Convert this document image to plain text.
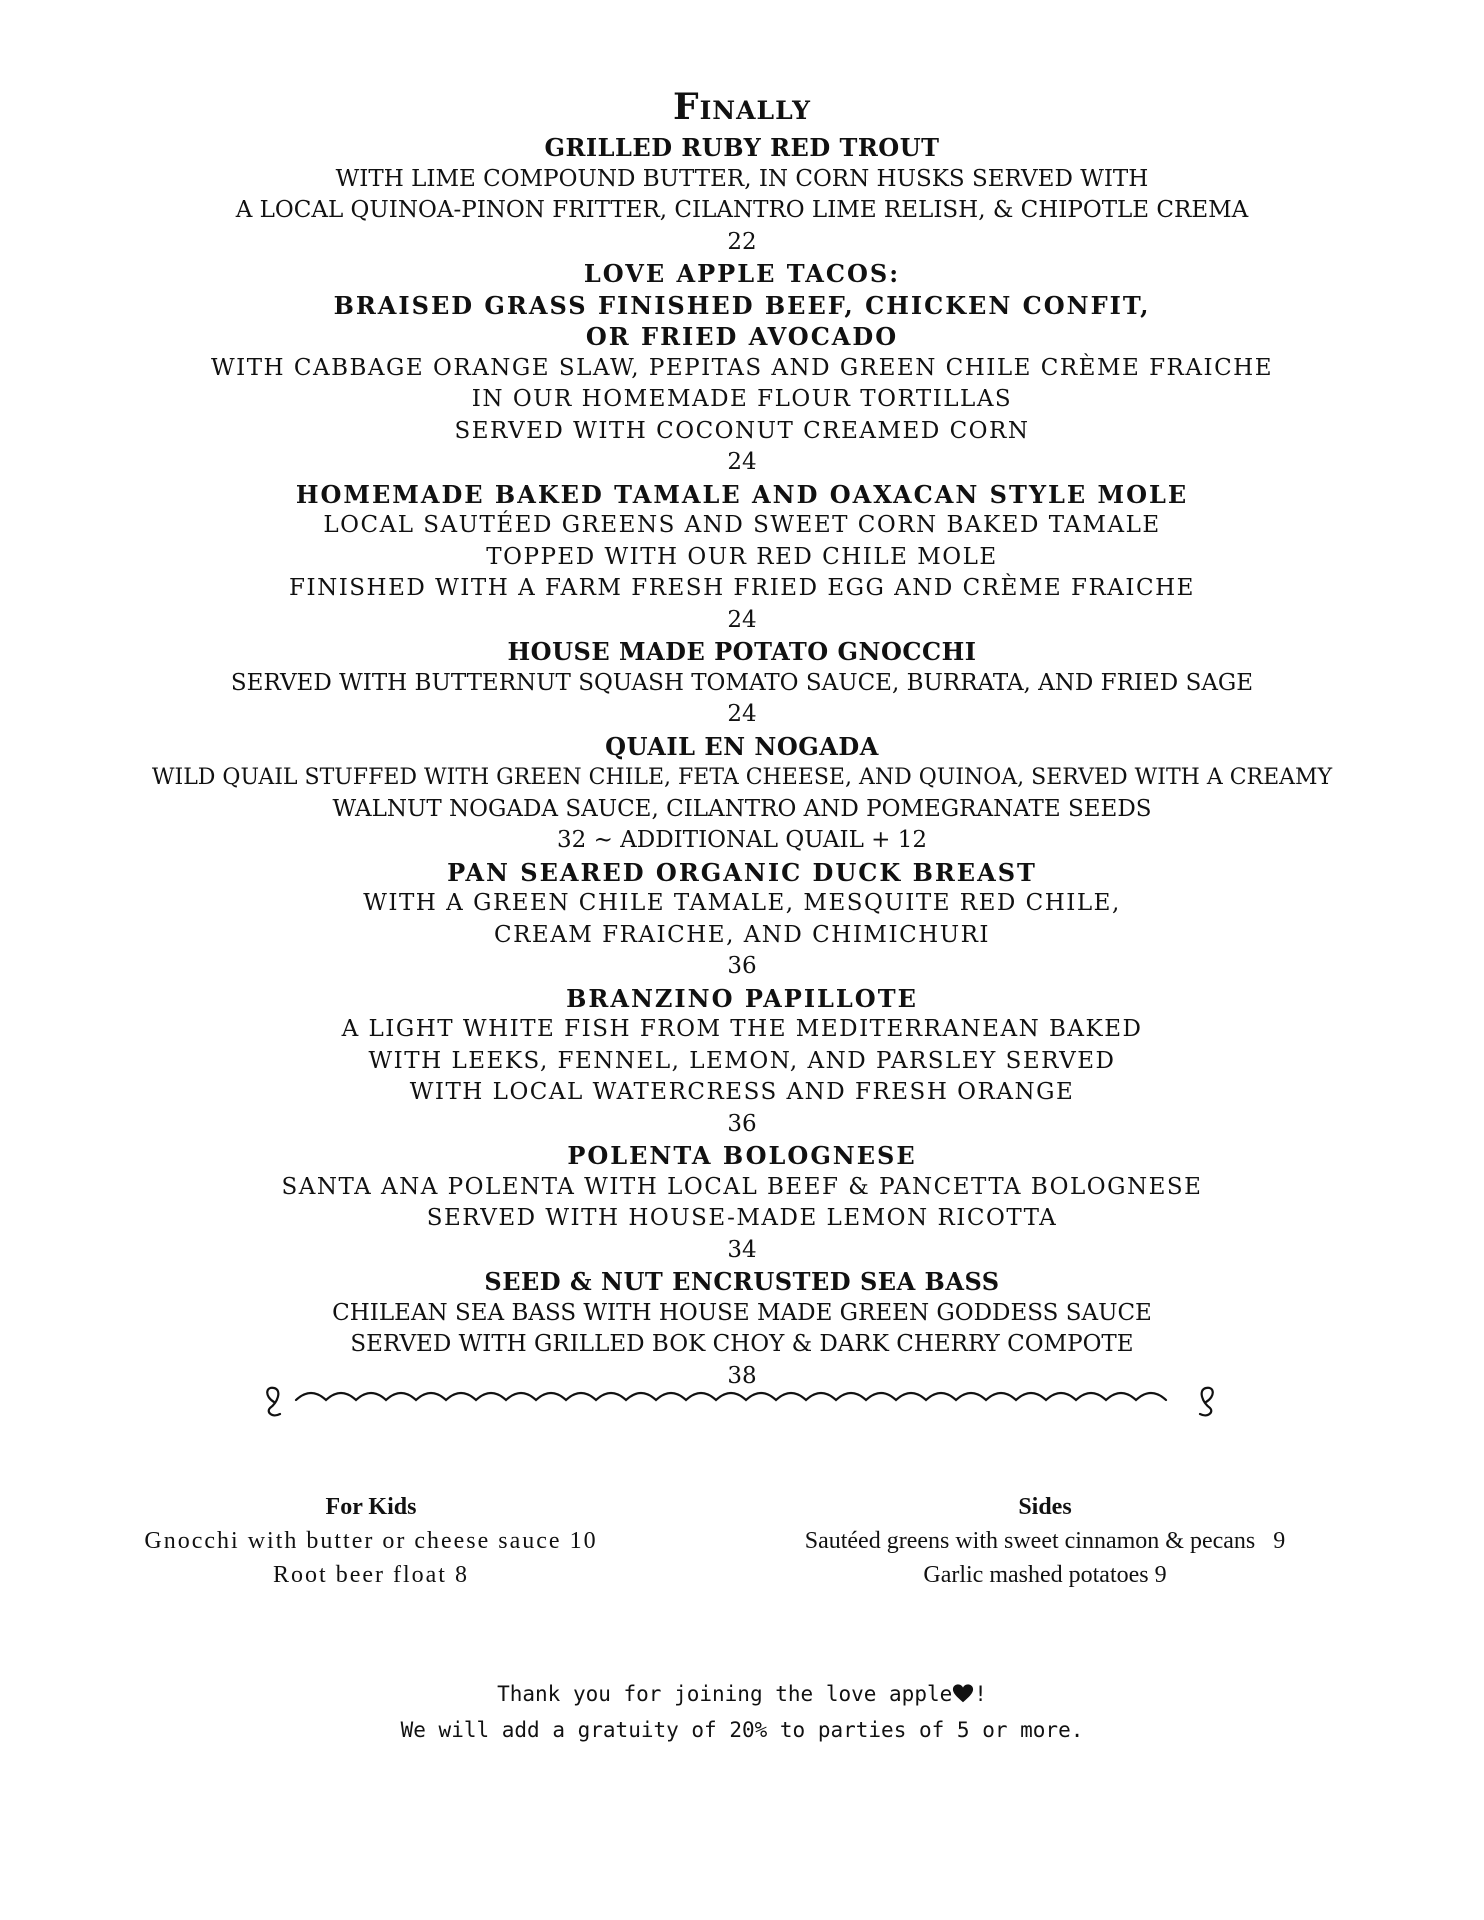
Finally

GRILLED RUBY RED TROUT

WITH LIME COMPOUND BUTTER, IN CORN HUSKS SERVED WITH

A LOCAL QUINOA-PINON FRITTER, CILANTRO LIME RELISH, & CHIPOTLE CREMA

22

LOVE APPLE TACOS:

BRAISED GRASS FINISHED BEEF, CHICKEN CONFIT,

OR FRIED AVOCADO

WITH CABBAGE ORANGE SLAW, PEPITAS AND GREEN CHILE CRÈME FRAICHE

IN OUR HOMEMADE FLOUR TORTILLAS

SERVED WITH COCONUT CREAMED CORN

24

HOMEMADE BAKED TAMALE AND OAXACAN STYLE MOLE

LOCAL SAUTÉED GREENS AND SWEET CORN BAKED TAMALE

TOPPED WITH OUR RED CHILE MOLE

FINISHED WITH A FARM FRESH FRIED EGG AND CRÈME FRAICHE

24

HOUSE MADE POTATO GNOCCHI

SERVED WITH BUTTERNUT SQUASH TOMATO SAUCE, BURRATA, AND FRIED SAGE

24

QUAIL EN NOGADA

WILD QUAIL STUFFED WITH GREEN CHILE, FETA CHEESE, AND QUINOA, SERVED WITH A CREAMY

WALNUT NOGADA SAUCE, CILANTRO AND POMEGRANATE SEEDS

32 ~ ADDITIONAL QUAIL + 12

PAN SEARED ORGANIC DUCK BREAST

WITH A GREEN CHILE TAMALE, MESQUITE RED CHILE,

CREAM FRAICHE, AND CHIMICHURI

36

BRANZINO PAPILLOTE

A LIGHT WHITE FISH FROM THE MEDITERRANEAN BAKED

WITH LEEKS, FENNEL, LEMON, AND PARSLEY SERVED

WITH LOCAL WATERCRESS AND FRESH ORANGE

36

POLENTA BOLOGNESE

SANTA ANA POLENTA WITH LOCAL BEEF & PANCETTA BOLOGNESE

SERVED WITH HOUSE-MADE LEMON RICOTTA

34

SEED & NUT ENCRUSTED SEA BASS

CHILEAN SEA BASS WITH HOUSE MADE GREEN GODDESS SAUCE

SERVED WITH GRILLED BOK CHOY & DARK CHERRY COMPOTE

38

For Kids
Gnocchi with butter or cheese sauce 10
Root beer float 8
Sides
Sautéed greens with sweet cinnamon & pecans   9
Garlic mashed potatoes 9
Thank you for joining the love apple !
We will add a gratuity of 20% to parties of 5 or more.
